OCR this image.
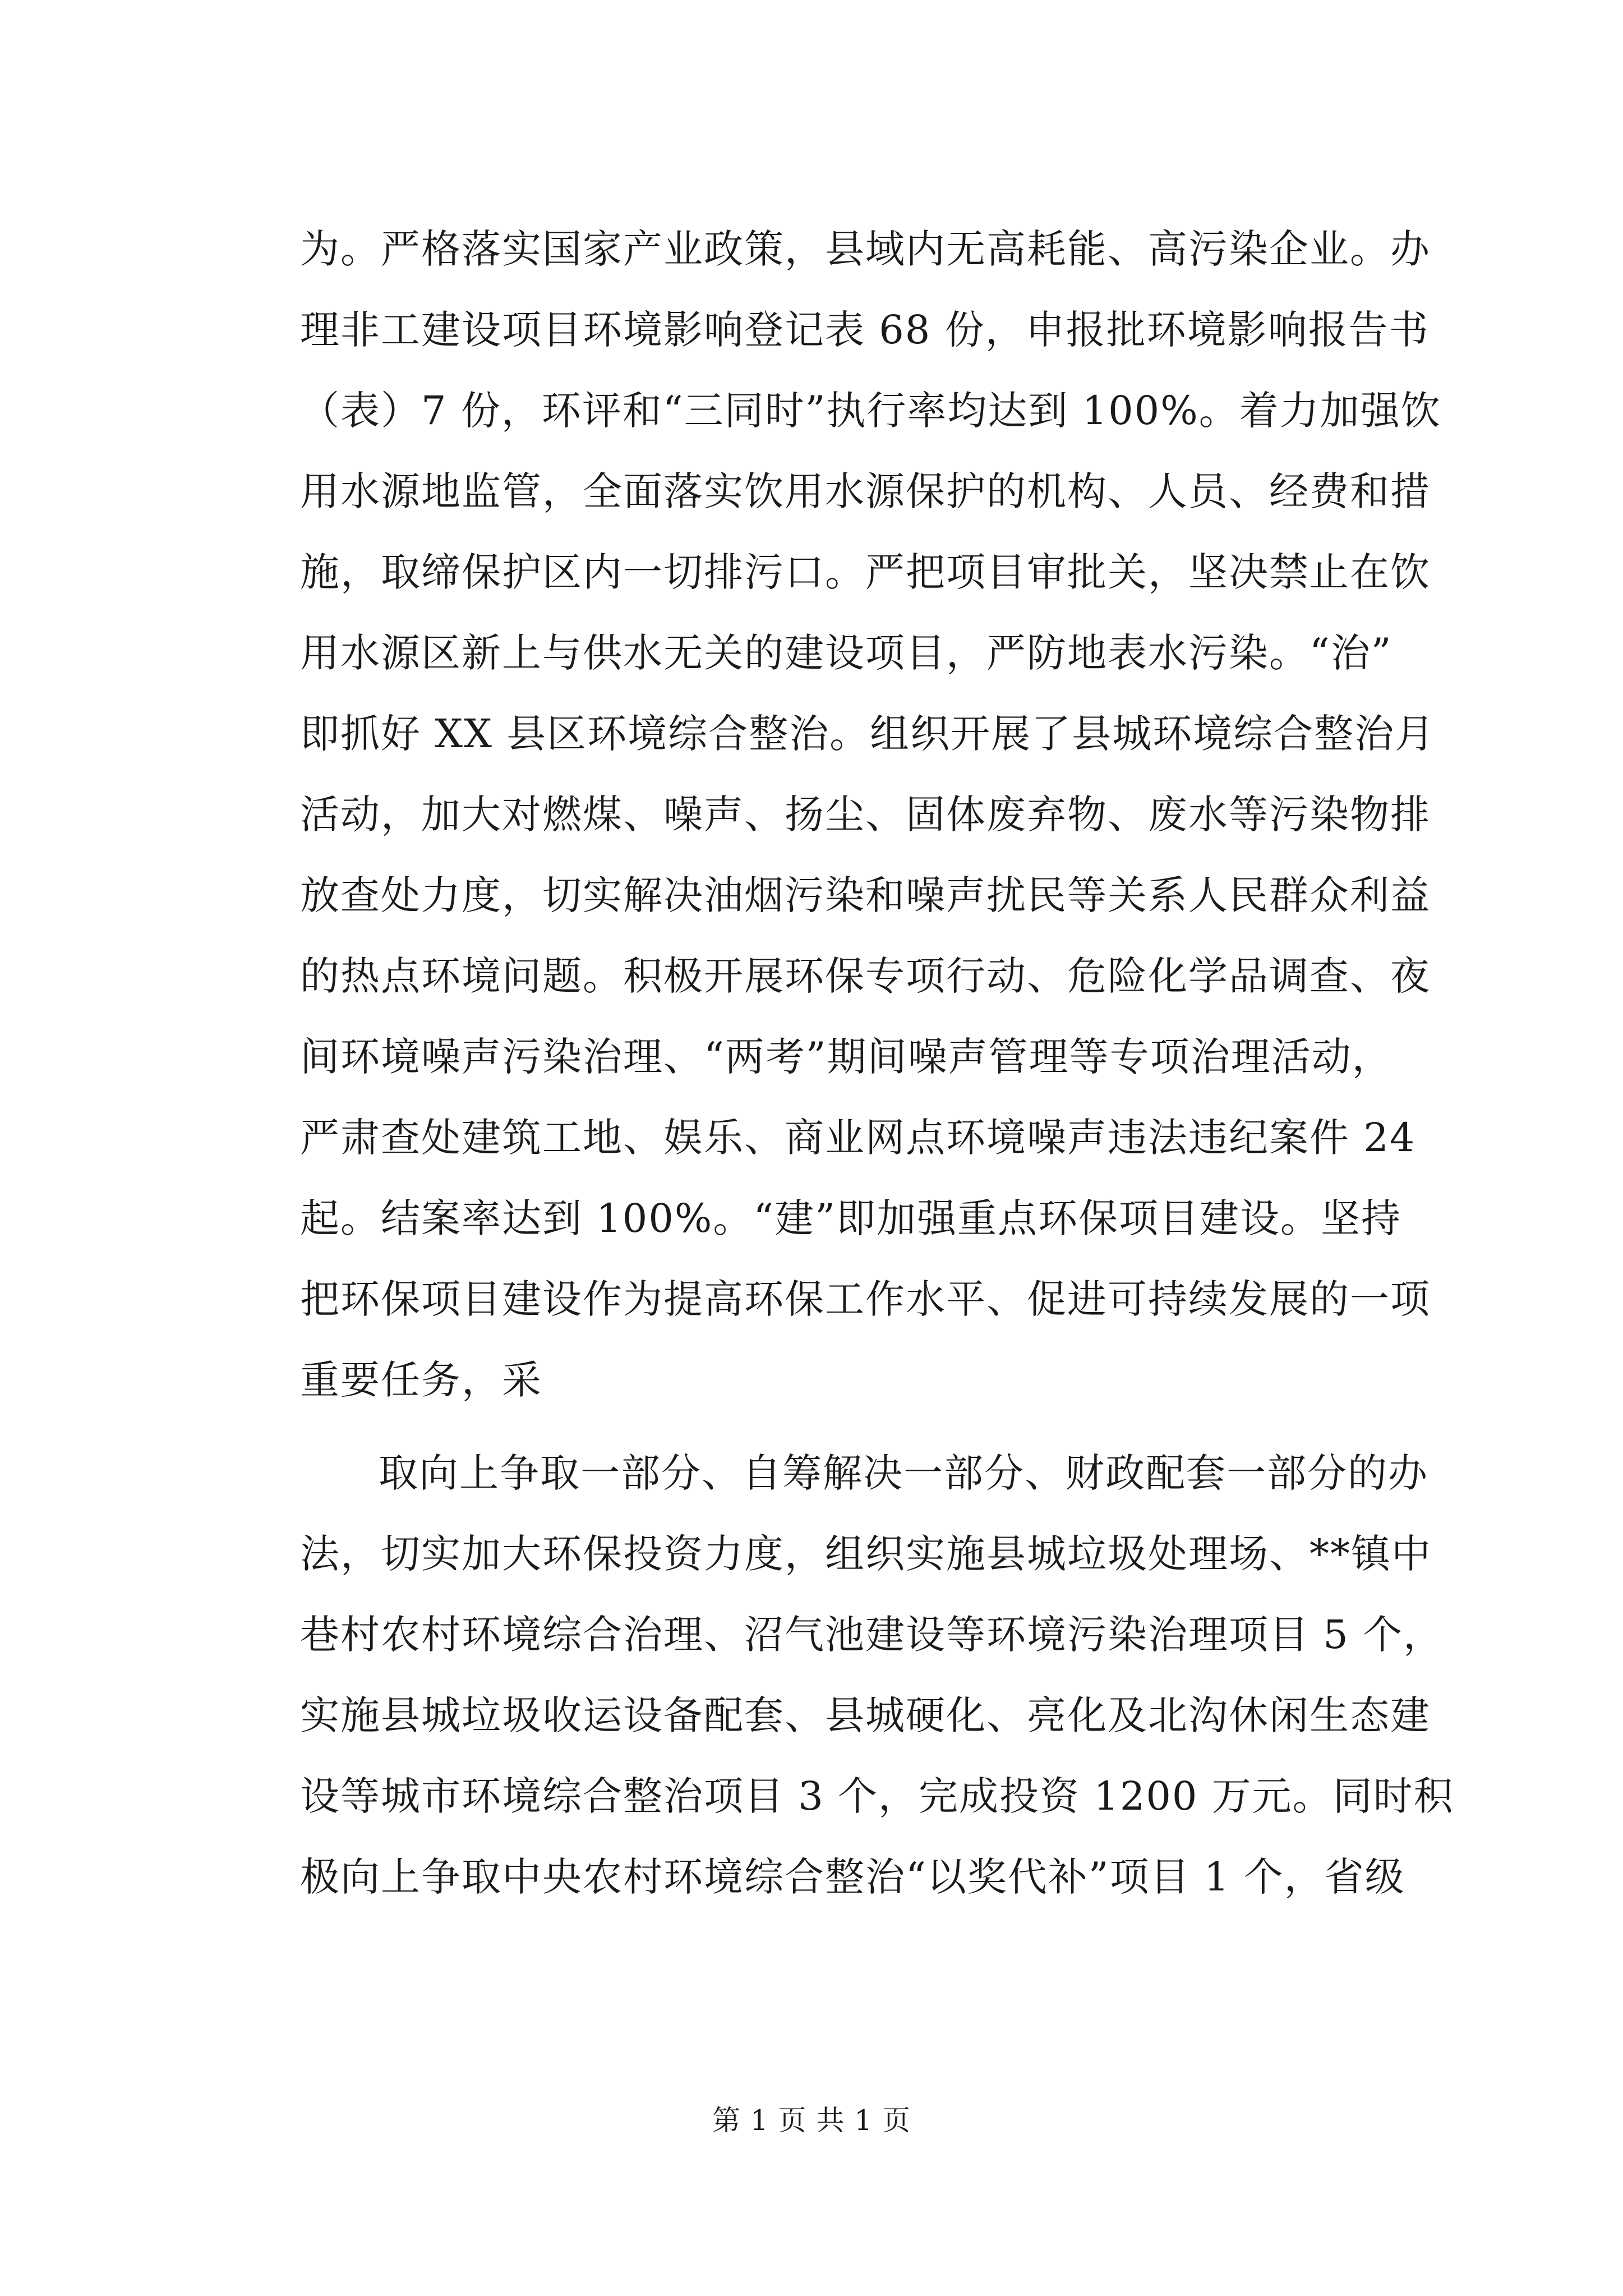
为。严格落实国家产业政策，县域内无高耗能、高污染企业。办
理非工建设项目环境影响登记表 68 份，申报批环境影响报告书
（表）7 份，环评和“三同时”执行率均达到 100%。着力加强饮
用水源地监管，全面落实饮用水源保护的机构、人员、经费和措
施，取缔保护区内一切排污口。严把项目审批关，坚决禁止在饮
用水源区新上与供水无关的建设项目，严防地表水污染。“治”
即抓好 XX 县区环境综合整治。组织开展了县城环境综合整治月
活动，加大对燃煤、噪声、扬尘、固体废弃物、废水等污染物排
放查处力度，切实解决油烟污染和噪声扰民等关系人民群众利益
的热点环境问题。积极开展环保专项行动、危险化学品调查、夜
间环境噪声污染治理、“两考”期间噪声管理等专项治理活动，
严肃查处建筑工地、娱乐、商业网点环境噪声违法违纪案件 24
起。结案率达到 100%。“建”即加强重点环保项目建设。坚持
把环保项目建设作为提高环保工作水平、促进可持续发展的一项
重要任务，采
取向上争取一部分、自筹解决一部分、财政配套一部分的办
法，切实加大环保投资力度，组织实施县城垃圾处理场、**镇中
巷村农村环境综合治理、沼气池建设等环境污染治理项目 5 个，
实施县城垃圾收运设备配套、县城硬化、亮化及北沟休闲生态建
设等城市环境综合整治项目 3 个，完成投资 1200 万元。同时积
极向上争取中央农村环境综合整治“以奖代补”项目 1 个，省级
第 1 页 共 1 页
